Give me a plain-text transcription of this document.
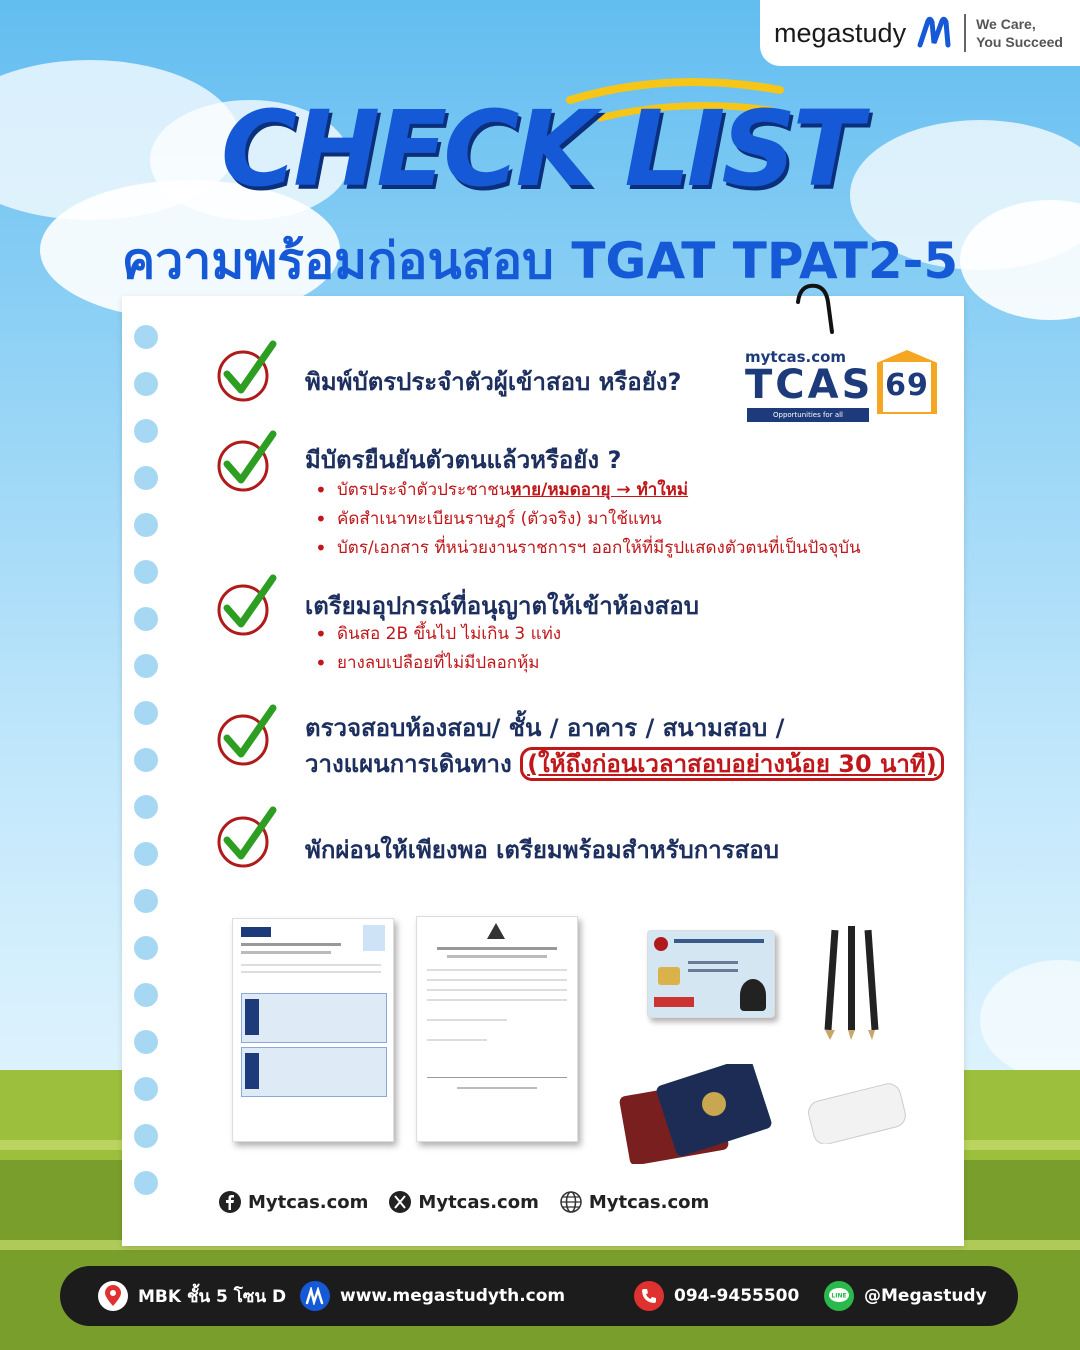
megastudy	We Care,
You Succeed
CHECK LIST
ความพร้อมก่อนสอบ TGAT TPAT2-5
mytcas.com
TCAS
Opportunities for all
69
พิมพ์บัตรประจำตัวผู้เข้าสอบ หรือยัง?
มีบัตรยืนยันตัวตนแล้วหรือยัง ?
• บัตรประจำตัวประชาชนหาย/หมดอายุ → ทำใหม่
• คัดสำเนาทะเบียนราษฎร์ (ตัวจริง) มาใช้แทน
• บัตร/เอกสาร ที่หน่วยงานราชการฯ ออกให้ที่มีรูปแสดงตัวตนที่เป็นปัจจุบัน
เตรียมอุปกรณ์ที่อนุญาตให้เข้าห้องสอบ
• ดินสอ 2B ขึ้นไป ไม่เกิน 3 แท่ง
• ยางลบเปลือยที่ไม่มีปลอกหุ้ม
ตรวจสอบห้องสอบ/ ชั้น / อาคาร / สนามสอบ /
วางแผนการเดินทาง (ให้ถึงก่อนเวลาสอบอย่างน้อย 30 นาที)
พักผ่อนให้เพียงพอ เตรียมพร้อมสำหรับการสอบ
Mytcas.com	Mytcas.com	Mytcas.com
MBK ชั้น 5 โซน D	www.megastudyth.com	094-9455500	LINE @Megastudy
